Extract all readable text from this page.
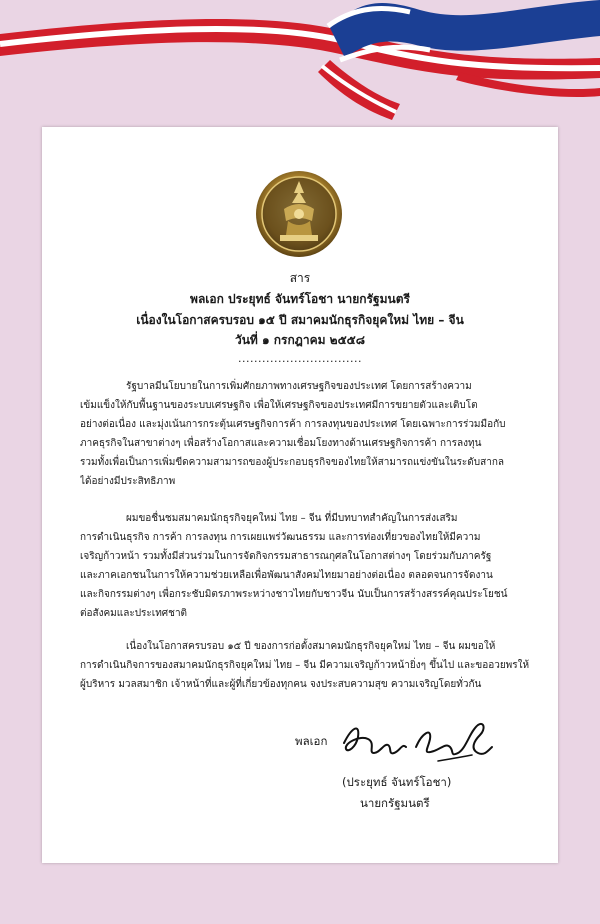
สาร
พลเอก ประยุทธ์ จันทร์โอชา นายกรัฐมนตรี
เนื่องในโอกาสครบรอบ ๑๕ ปี สมาคมนักธุรกิจยุคใหม่ ไทย – จีน
วันที่ ๑ กรกฎาคม ๒๕๕๘
...............................
รัฐบาลมีนโยบายในการเพิ่มศักยภาพทางเศรษฐกิจของประเทศ โดยการสร้างความ
เข้มแข็งให้กับพื้นฐานของระบบเศรษฐกิจ เพื่อให้เศรษฐกิจของประเทศมีการขยายตัวและเติบโต
อย่างต่อเนื่อง และมุ่งเน้นการกระตุ้นเศรษฐกิจการค้า การลงทุนของประเทศ โดยเฉพาะการร่วมมือกับ
ภาคธุรกิจในสาขาต่างๆ เพื่อสร้างโอกาสและความเชื่อมโยงทางด้านเศรษฐกิจการค้า การลงทุน
รวมทั้งเพื่อเป็นการเพิ่มขีดความสามารถของผู้ประกอบธุรกิจของไทยให้สามารถแข่งขันในระดับสากล
ได้อย่างมีประสิทธิภาพ
ผมขอชื่นชมสมาคมนักธุรกิจยุคใหม่ ไทย – จีน ที่มีบทบาทสำคัญในการส่งเสริม
การดำเนินธุรกิจ การค้า การลงทุน การเผยแพร่วัฒนธรรม และการท่องเที่ยวของไทยให้มีความ
เจริญก้าวหน้า รวมทั้งมีส่วนร่วมในการจัดกิจกรรมสาธารณกุศลในโอกาสต่างๆ โดยร่วมกับภาครัฐ
และภาคเอกชนในการให้ความช่วยเหลือเพื่อพัฒนาสังคมไทยมาอย่างต่อเนื่อง ตลอดจนการจัดงาน
และกิจกรรมต่างๆ เพื่อกระชับมิตรภาพระหว่างชาวไทยกับชาวจีน นับเป็นการสร้างสรรค์คุณประโยชน์
ต่อสังคมและประเทศชาติ
เนื่องในโอกาสครบรอบ ๑๕ ปี ของการก่อตั้งสมาคมนักธุรกิจยุคใหม่ ไทย – จีน ผมขอให้
การดำเนินกิจการของสมาคมนักธุรกิจยุคใหม่ ไทย – จีน มีความเจริญก้าวหน้ายิ่งๆ ขึ้นไป และขออวยพรให้
ผู้บริหาร มวลสมาชิก เจ้าหน้าที่และผู้ที่เกี่ยวข้องทุกคน จงประสบความสุข ความเจริญโดยทั่วกัน
พลเอก
(ประยุทธ์ จันทร์โอชา)
นายกรัฐมนตรี
